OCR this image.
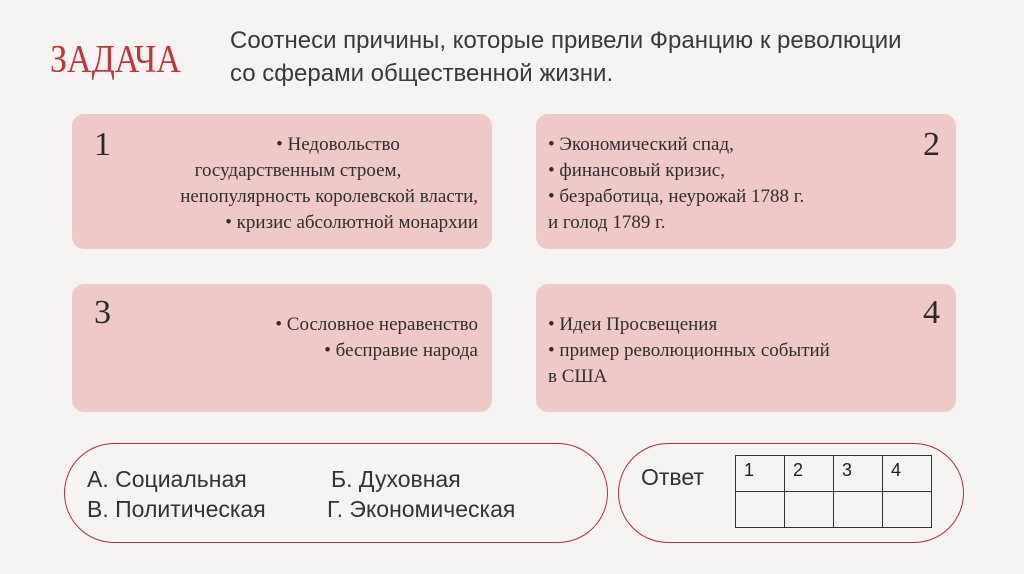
ЗАДАЧА Соотнеси причины, которые привели Францию к революции со сферами общественной жизни.
1	• Недовольство
государственным строем,
непопулярность королевской власти,
• кризис абсолютной монархии
2
• Экономический спад,
• финансовый кризис,
• безработица, неурожай 1788 г.
и голод 1789 г.
3	• Сословное неравенство
• бесправие народа
4
• Идеи Просвещения
• пример революционных событий
в США
А. Социальная	Б. Духовная
В. Политическая	Г. Экономическая
Ответ 1	2	3	4
